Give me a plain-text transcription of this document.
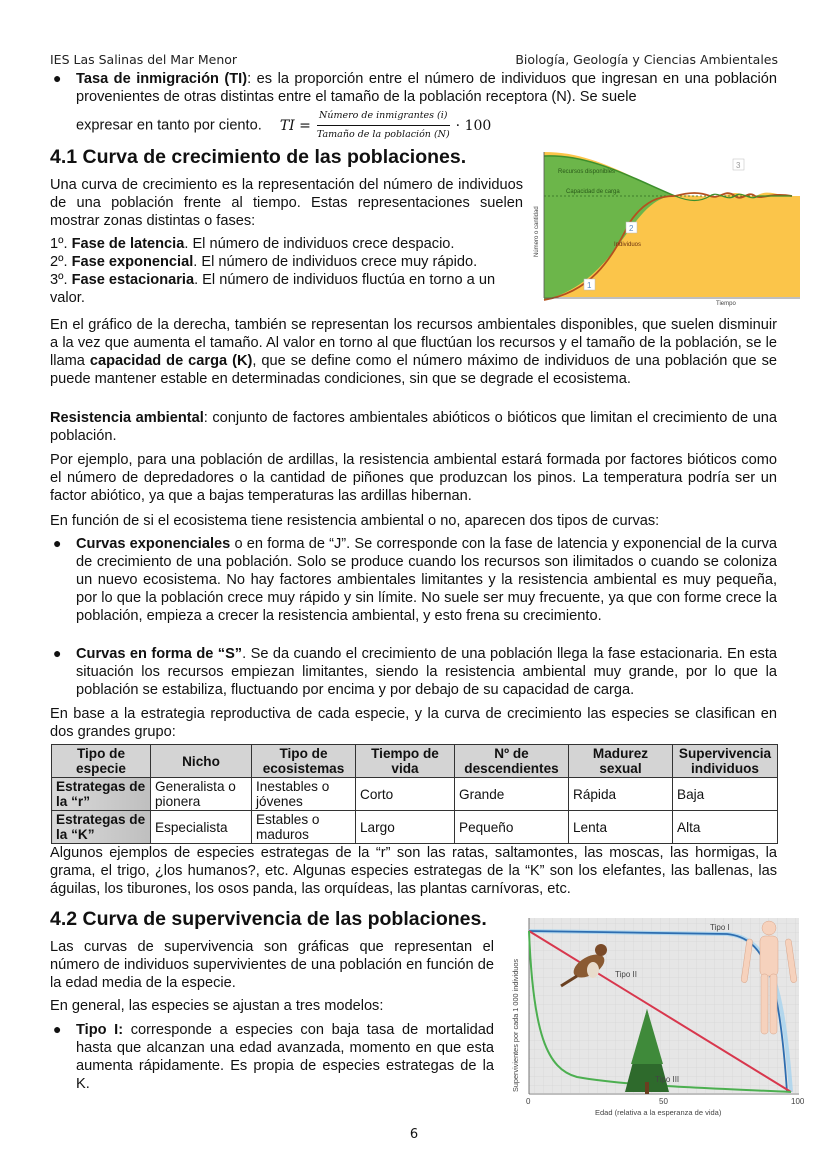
IES Las Salinas del Mar Menor	Biología, Geología y Ciencias Ambientales
● Tasa de inmigración (TI): es la proporción entre el número de individuos que ingresan en una población provenientes de otras distintas entre el tamaño de la población receptora (N). Se suele

expresar en tanto por ciento. TI = $\frac{\text{Número de inmigrantes (i)}}{\text{Tamaño de la población (N)}} \cdot 100$
4.1 Curva de crecimiento de las poblaciones.

Una curva de crecimiento es la representación del número de individuos de una población frente al tiempo. Estas representaciones suelen mostrar zonas distintas o fases:

1º. Fase de latencia. El número de individuos crece despacio.
2º. Fase exponencial. El número de individuos crece muy rápido.
3º. Fase estacionaria. El número de individuos fluctúa en torno a un valor.
Recursos disponibles
Capacidad de carga
Individuos
Número o cantidad
Tiempo
1
2
3

En el gráfico de la derecha, también se representan los recursos ambientales disponibles, que suelen disminuir a la vez que aumenta el tamaño. Al valor en torno al que fluctúan los recursos y el tamaño de la población, se le llama capacidad de carga (K), que se define como el número máximo de individuos de una población que se puede mantener estable en determinadas condiciones, sin que se degrade el ecosistema.

Resistencia ambiental: conjunto de factores ambientales abióticos o bióticos que limitan el crecimiento de una población.

Por ejemplo, para una población de ardillas, la resistencia ambiental estará formada por factores bióticos como el número de depredadores o la cantidad de piñones que produzcan los pinos. La temperatura podría ser un factor abiótico, ya que a bajas temperaturas las ardillas hibernan.

En función de si el ecosistema tiene resistencia ambiental o no, aparecen dos tipos de curvas:

● Curvas exponenciales o en forma de “J”. Se corresponde con la fase de latencia y exponencial de la curva de crecimiento de una población. Solo se produce cuando los recursos son ilimitados o cuando se coloniza un nuevo ecosistema. No hay factores ambientales limitantes y la resistencia ambiental es muy pequeña, por lo que la población crece muy rápido y sin límite. No suele ser muy frecuente, ya que con forme crece la población, empieza a crecer la resistencia ambiental, y esto frena su crecimiento.

● Curvas en forma de “S”. Se da cuando el crecimiento de una población llega la fase estacionaria. En esta situación los recursos empiezan limitantes, siendo la resistencia ambiental muy grande, por lo que la población se estabiliza, fluctuando por encima y por debajo de su capacidad de carga.

En base a la estrategia reproductiva de cada especie, y la curva de crecimiento las especies se clasifican en dos grandes grupo:

Tipo de especie	Nicho	Tipo de ecosistemas	Tiempo de vida	Nº de descendientes	Madurez sexual	Supervivencia individuos
Estrategas de la “r”	Generalista o pionera	Inestables o jóvenes	Corto	Grande	Rápida	Baja
Estrategas de la “K”	Especialista	Estables o maduros	Largo	Pequeño	Lenta	Alta

Algunos ejemplos de especies estrategas de la “r” son las ratas, saltamontes, las moscas, las hormigas, la grama, el trigo, ¿los humanos?, etc. Algunas especies estrategas de la “K” son los elefantes, las ballenas, las águilas, los tiburones, los osos panda, las orquídeas, las plantas carnívoras, etc.

4.2 Curva de supervivencia de las poblaciones.

Las curvas de supervivencia son gráficas que representan el número de individuos supervivientes de una población en función de la edad media de la especie.

En general, las especies se ajustan a tres modelos:

● Tipo I: corresponde a especies con baja tasa de mortalidad hasta que alcanzan una edad avanzada, momento en que esta aumenta rápidamente. Es propia de especies estrategas de la K.

Tipo I
Tipo II
Tipo III
0	50	100
Edad (relativa a la esperanza de vida)
Supervivientes por cada 1 000 individuos
6
